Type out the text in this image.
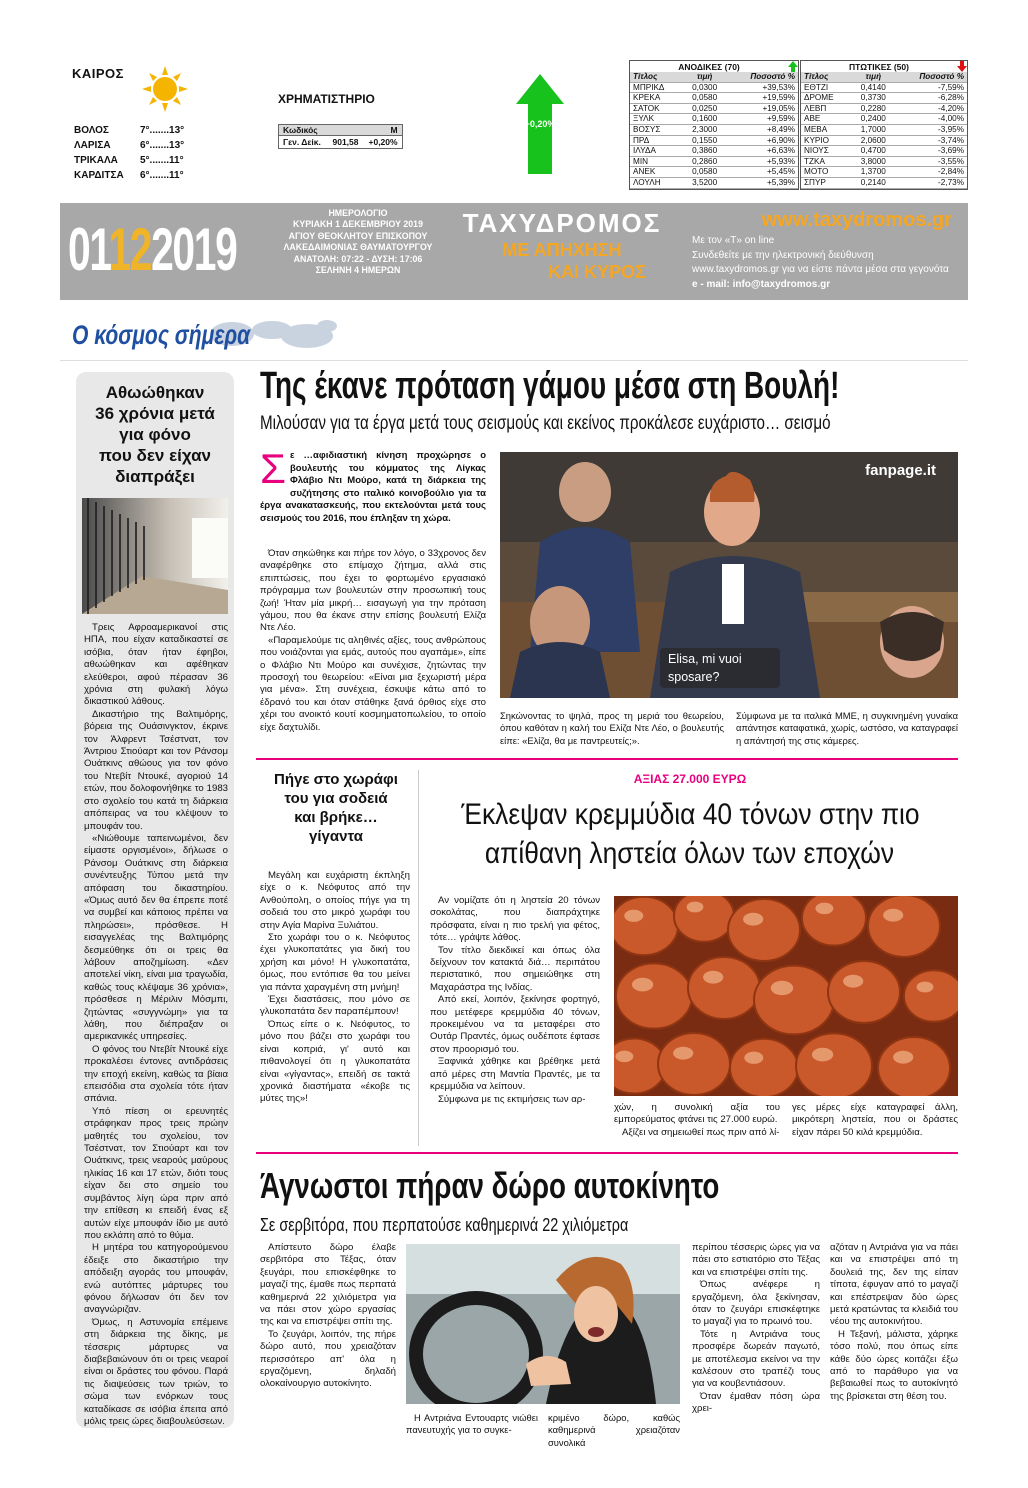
ΚΑΙΡΟΣ
ΒΟΛΟΣ	7°.......13°
ΛΑΡΙΣΑ	6°.......13°
ΤΡΙΚΑΛΑ	5°.......11°
ΚΑΡΔΙΤΣΑ	6°.......11°
ΧΡΗΜΑΤΙΣΤΗΡΙΟ
Κωδικός		Μ
Γεν. Δείκ.	901,58	+0,20%
+0,20%
ΑΝΟΔΙΚΕΣ (70)
Τίτλος	τιμή	Ποσοστό %
ΜΠΡΙΚΔ	0,0300	+39,53%
ΚΡΕΚΑ	0,0580	+19,59%
ΣΑΤΟΚ	0,0250	+19,05%
ΞΥΛΚ	0,1600	+9,59%
ΒΟΣΥΣ	2,3000	+8,49%
ΠΡΔ	0,1550	+6,90%
ΙΛΥΔΑ	0,3860	+6,63%
ΜΙΝ	0,2860	+5,93%
ΑΝΕΚ	0,0580	+5,45%
ΛΟΥΛΗ	3,5200	+5,39%
ΠΤΩΤΙΚΕΣ (50)
Τίτλος	τιμή	Ποσοστό %
ΕΘΤΖΙ	0,4140	-7,59%
ΔΡΟΜΕ	0,3730	-6,28%
ΛΕΒΠ	0,2280	-4,20%
ΑΒΕ	0,2400	-4,00%
ΜΕΒΑ	1,7000	-3,95%
ΚΥΡΙΟ	2,0600	-3,74%
ΝΙΟΥΣ	0,4700	-3,69%
ΤΖΚΑ	3,8000	-3,55%
ΜΟΤΟ	1,3700	-2,84%
ΣΠΥΡ	0,2140	-2,73%
01122019

ΗΜΕΡΟΛΟΓΙΟ

ΚΥΡΙΑΚΗ 1 ΔΕΚΕΜΒΡΙΟΥ 2019

ΑΓΙΟΥ ΘΕΟΚΛΗΤΟΥ ΕΠΙΣΚΟΠΟΥ

ΛΑΚΕΔΑΙΜΟΝΙΑΣ ΘΑΥΜΑΤΟΥΡΓΟΥ

ΑΝΑΤΟΛΗ: 07:22 - ΔΥΣΗ: 17:06

ΣΕΛΗΝΗ 4 ΗΜΕΡΩΝ

ΤΑΧΥΔΡΟΜΟΣ
ΜΕ ΑΠΗΧΗΣΗ
ΚΑΙ ΚΥΡΟΣ
www.taxydromos.gr

Με τον «Τ» on line

Συνδεθείτε με την ηλεκτρονική διεύθυνση

www.taxydromos.gr για να είστε πάντα μέσα στα γεγονότα

e - mail: info@taxydromos.gr

Ο κόσμος σήμερα
Αθωώθηκαν
36 χρόνια μετά
για φόνο
που δεν είχαν
διαπράξει

Τρεις Αφροαμερικανοί στις ΗΠΑ, που είχαν καταδικαστεί σε ισόβια, όταν ήταν έφηβοι, αθωώθηκαν και αφέθηκαν ελεύθεροι, αφού πέρασαν 36 χρόνια στη φυλακή λόγω δικαστικού λάθους.

Δικαστήριο της Βαλτιμόρης, βόρεια της Ουάσινγκτον, έκρινε τον Άλφρεντ Τσέστνατ, τον Άντριου Στιούαρτ και τον Ράνσομ Ουάτκινς αθώους για τον φόνο του Ντεβίτ Ντουκέ, αγοριού 14 ετών, που δολοφονήθηκε το 1983 στο σχολείο του κατά τη διάρκεια απόπειρας να του κλέψουν το μπουφάν του.

«Νιώθουμε ταπεινωμένοι, δεν είμαστε οργισμένοι», δήλωσε ο Ράνσομ Ουάτκινς στη διάρκεια συνέντευξης Τύπου μετά την απόφαση του δικαστηρίου. «Όμως αυτό δεν θα έπρεπε ποτέ να συμβεί και κάποιος πρέπει να πληρώσει», πρόσθεσε. Η εισαγγελέας της Βαλτιμόρης δεσμεύθηκε ότι οι τρεις θα λάβουν αποζημίωση. «Δεν αποτελεί νίκη, είναι μια τραγωδία, καθώς τους κλέψαμε 36 χρόνια», πρόσθεσε η Μέριλιν Μόσμπι, ζητώντας «συγγνώμη» για τα λάθη, που διέπραξαν οι αμερικανικές υπηρεσίες.

Ο φόνος του Ντεβίτ Ντουκέ είχε προκαλέσει έντονες αντιδράσεις την εποχή εκείνη, καθώς τα βίαια επεισόδια στα σχολεία τότε ήταν σπάνια.

Υπό πίεση οι ερευνητές στράφηκαν προς τρεις πρώην μαθητές του σχολείου, τον Τσέστνατ, τον Στιούαρτ και τον Ουάτκινς, τρεις νεαρούς μαύρους ηλικίας 16 και 17 ετών, διότι τους είχαν δει στο σημείο του συμβάντος λίγη ώρα πριν από την επίθεση κι επειδή ένας εξ αυτών είχε μπουφάν ίδιο με αυτό που εκλάπη από το θύμα.

Η μητέρα του κατηγορούμενου έδειξε στο δικαστήριο την απόδειξη αγοράς του μπουφάν, ενώ αυτόπτες μάρτυρες του φόνου δήλωσαν ότι δεν τον αναγνώριζαν.

Όμως, η Αστυνομία επέμεινε στη διάρκεια της δίκης, με τέσσερις μάρτυρες να διαβεβαιώνουν ότι οι τρεις νεαροί είναι οι δράστες του φόνου. Παρά τις διαψεύσεις των τριών, το σώμα των ενόρκων τους καταδίκασε σε ισόβια έπειτα από μόλις τρεις ώρες διαβουλεύσεων.

Της έκανε πρόταση γάμου μέσα στη Βουλή!
Μιλούσαν για τα έργα μετά τους σεισμούς και εκείνος προκάλεσε ευχάριστο… σεισμό
Σ ε …αφιδιαστική κίνηση προχώρησε ο βουλευτής του κόμματος της Λίγκας Φλάβιο Ντι Μούρο, κατά τη διάρκεια της συζήτησης στο ιταλικό κοινοβούλιο για τα έργα ανακατασκευής, που εκτελούνται μετά τους σεισμούς του 2016, που έπληξαν τη χώρα.

Όταν σηκώθηκε και πήρε τον λόγο, ο 33χρονος δεν αναφέρθηκε στο επίμαχο ζήτημα, αλλά στις επιπτώσεις, που έχει το φορτωμένο εργασιακό πρόγραμμα των βουλευτών στην προσωπική τους ζωή! Ήταν μία μικρή… εισαγωγή για την πρόταση γάμου, που θα έκανε στην επίσης βουλευτή Ελίζα Ντε Λέο.

«Παραμελούμε τις αληθινές αξίες, τους ανθρώπους που νοιάζονται για εμάς, αυτούς που αγαπάμε», είπε ο Φλάβιο Ντι Μούρο και συνέχισε, ζητώντας την προσοχή του θεωρείου: «Είναι μια ξεχωριστή μέρα για μένα». Στη συνέχεια, έσκυψε κάτω από το έδρανό του και όταν στάθηκε ξανά όρθιος είχε στο χέρι του ανοικτό κουτί κοσμηματοπωλείου, το οποίο είχε δαχτυλίδι.

fanpage.it
Elisa, mi vuoi sposare?

Σηκώνοντας το ψηλά, προς τη μεριά του θεωρείου, όπου καθόταν η καλή του Ελίζα Ντε Λέο, ο βουλευτής είπε: «Ελίζα, θα με παντρευτείς;».

Σύμφωνα με τα ιταλικά ΜΜΕ, η συγκινημένη γυναίκα απάντησε καταφατικά, χωρίς, ωστόσο, να καταγραφεί η απάντησή της στις κάμερες.

Πήγε στο χωράφι
του για σοδειά
και βρήκε…
γίγαντα

Μεγάλη και ευχάριστη έκπληξη είχε ο κ. Νεόφυτος από την Ανθούπολη, ο οποίος πήγε για τη σοδειά του στο μικρό χωράφι του στην Αγία Μαρίνα Ξυλιάτου.

Στο χωράφι του ο κ. Νεόφυτος έχει γλυκοπατάτες για δική του χρήση και μόνο! Η γλυκοπατάτα, όμως, που εντόπισε θα του μείνει για πάντα χαραγμένη στη μνήμη!

Έχει διαστάσεις, που μόνο σε γλυκοπατάτα δεν παραπέμπουν!

Όπως είπε ο κ. Νεόφυτος, το μόνο που βάζει στο χωράφι του είναι κοπριά, γι' αυτό και πιθανολογεί ότι η γλυκοπατάτα είναι «γίγαντας», επειδή σε τακτά χρονικά διαστήματα «έκοβε τις μύτες της»!

ΑΞΙΑΣ 27.000 ΕΥΡΩ
Έκλεψαν κρεμμύδια 40 τόνων στην πιο απίθανη ληστεία όλων των εποχών

Αν νομίζατε ότι η ληστεία 20 τόνων σοκολάτας, που διαπράχτηκε πρόσφατα, είναι η πιο τρελή για φέτος, τότε… γράψτε λάθος.

Τον τίτλο διεκδικεί και όπως όλα δείχνουν τον κατακτά διά… περιπάτου περιστατικό, που σημειώθηκε στη Μαχαράστρα της Ινδίας.

Από εκεί, λοιπόν, ξεκίνησε φορτηγό, που μετέφερε κρεμμύδια 40 τόνων, προκειμένου να τα μεταφέρει στο Ουτάρ Πραντές, όμως ουδέποτε έφτασε στον προορισμό του.

Ξαφνικά χάθηκε και βρέθηκε μετά από μέρες στη Μαντία Πραντές, με τα κρεμμύδια να λείπουν.

Σύμφωνα με τις εκτιμήσεις των αρ-

χών, η συνολική αξία του εμπορεύματος φτάνει τις 27.000 ευρώ.

Αξίζει να σημειωθεί πως πριν από λί-

γες μέρες είχε καταγραφεί άλλη, μικρότερη ληστεία, που οι δράστες είχαν πάρει 50 κιλά κρεμμύδια.

Άγνωστοι πήραν δώρο αυτοκίνητο
Σε σερβιτόρα, που περπατούσε καθημερινά 22 χιλιόμετρα

Απίστευτο δώρο έλαβε σερβιτόρα στο Τέξας, όταν ξευγάρι, που επισκέφθηκε το μαγαζί της, έμαθε πως περπατά καθημερινά 22 χιλιόμετρα για να πάει στον χώρο εργασίας της και να επιστρέψει σπίτι της.

Το ζευγάρι, λοιπόν, της πήρε δώρο αυτό, που χρειαζόταν περισσότερο απ' όλα η εργαζόμενη, δηλαδή ολοκαίνουργιο αυτοκίνητο.

Η Αντριάνα Εντουαρτς νιώθει πανευτυχής για το συγκε-

κριμένο δώρο, καθώς καθημερινά χρειαζόταν συνολικά

περίπου τέσσερις ώρες για να πάει στο εστιατόριο στο Τέξας και να επιστρέψει σπίτι της.

Όπως ανέφερε η εργαζόμενη, όλα ξεκίνησαν, όταν το ζευγάρι επισκέφτηκε το μαγαζί για το πρωινό του.

Τότε η Αντριάνα τους προσφέρε δωρεάν παγωτό, με αποτέλεσμα εκείνοι να την καλέσουν στο τραπέζι τους για να κουβεντιάσουν.

Όταν έμαθαν πόση ώρα χρει-

αζόταν η Αντριάνα για να πάει και να επιστρέψει από τη δουλειά της, δεν της είπαν τίποτα, έφυγαν από το μαγαζί και επέστρεψαν δύο ώρες μετά κρατώντας τα κλειδιά του νέου της αυτοκινήτου.

Η Τεξανή, μάλιστα, χάρηκε τόσο πολύ, που όπως είπε κάθε δύο ώρες κοιτάζει έξω από το παράθυρο για να βεβαιωθεί πως το αυτοκίνητό της βρίσκεται στη θέση του.
